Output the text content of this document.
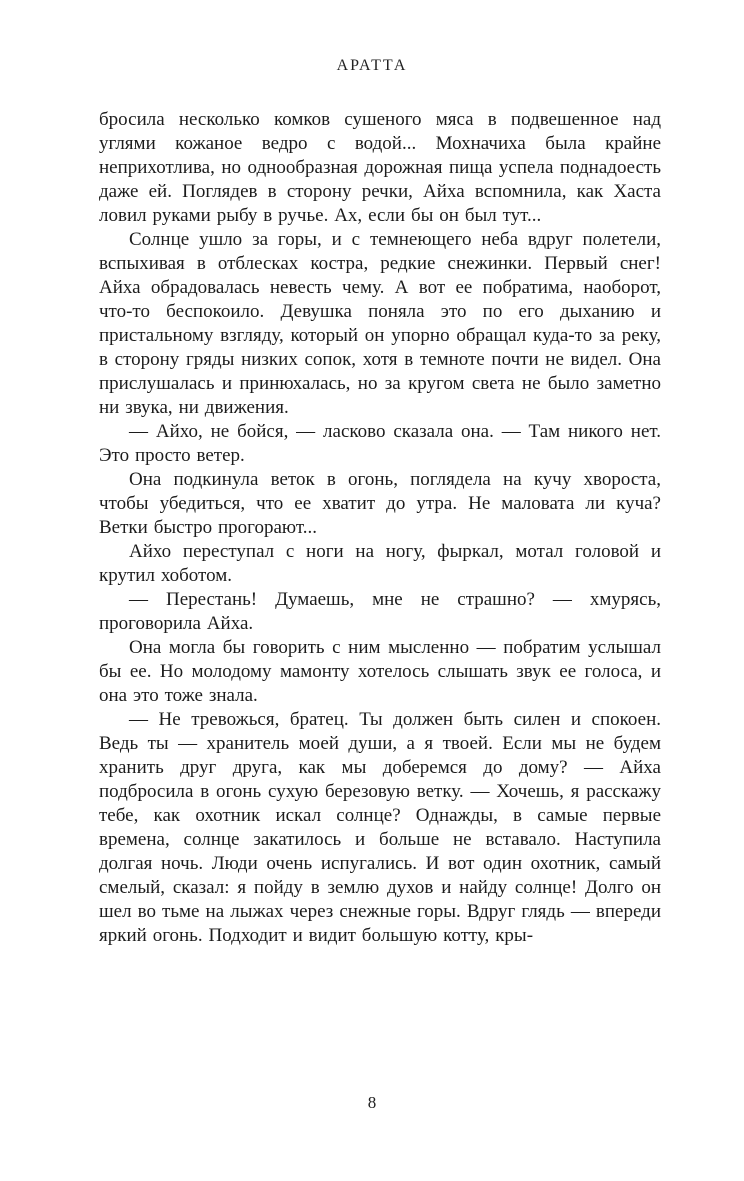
АРАТТА

бросила несколько комков сушеного мяса в подвешенное над углями кожаное ведро с водой... Мохначиха была крайне неприхотлива, но однообразная дорожная пища успела поднадоесть даже ей. Поглядев в сторону речки, Айха вспомнила, как Хаста ловил руками рыбу в ручье. Ах, если бы он был тут...

Солнце ушло за горы, и с темнеющего неба вдруг полетели, вспыхивая в отблесках костра, редкие снежинки. Первый снег! Айха обрадовалась невесть чему. А вот ее побратима, наоборот, что-то беспокоило. Девушка поняла это по его дыханию и пристальному взгляду, который он упорно обращал куда-то за реку, в сторону гряды низких сопок, хотя в темноте почти не видел. Она прислушалась и принюхалась, но за кругом света не было заметно ни звука, ни движения.

— Айхо, не бойся, — ласково сказала она. — Там никого нет. Это просто ветер.

Она подкинула веток в огонь, поглядела на кучу хвороста, чтобы убедиться, что ее хватит до утра. Не маловата ли куча? Ветки быстро прогорают...

Айхо переступал с ноги на ногу, фыркал, мотал головой и крутил хоботом.

— Перестань! Думаешь, мне не страшно? — хмурясь, проговорила Айха.

Она могла бы говорить с ним мысленно — побратим услышал бы ее. Но молодому мамонту хотелось слышать звук ее голоса, и она это тоже знала.

— Не тревожься, братец. Ты должен быть силен и спокоен. Ведь ты — хранитель моей души, а я твоей. Если мы не будем хранить друг друга, как мы доберемся до дому? — Айха подбросила в огонь сухую березовую ветку. — Хочешь, я расскажу тебе, как охотник искал солнце? Однажды, в самые первые времена, солнце закатилось и больше не вставало. Наступила долгая ночь. Люди очень испугались. И вот один охотник, самый смелый, сказал: я пойду в землю духов и найду солнце! Долго он шел во тьме на лыжах через снежные горы. Вдруг глядь — впереди яркий огонь. Подходит и видит большую котту, кры-

8
